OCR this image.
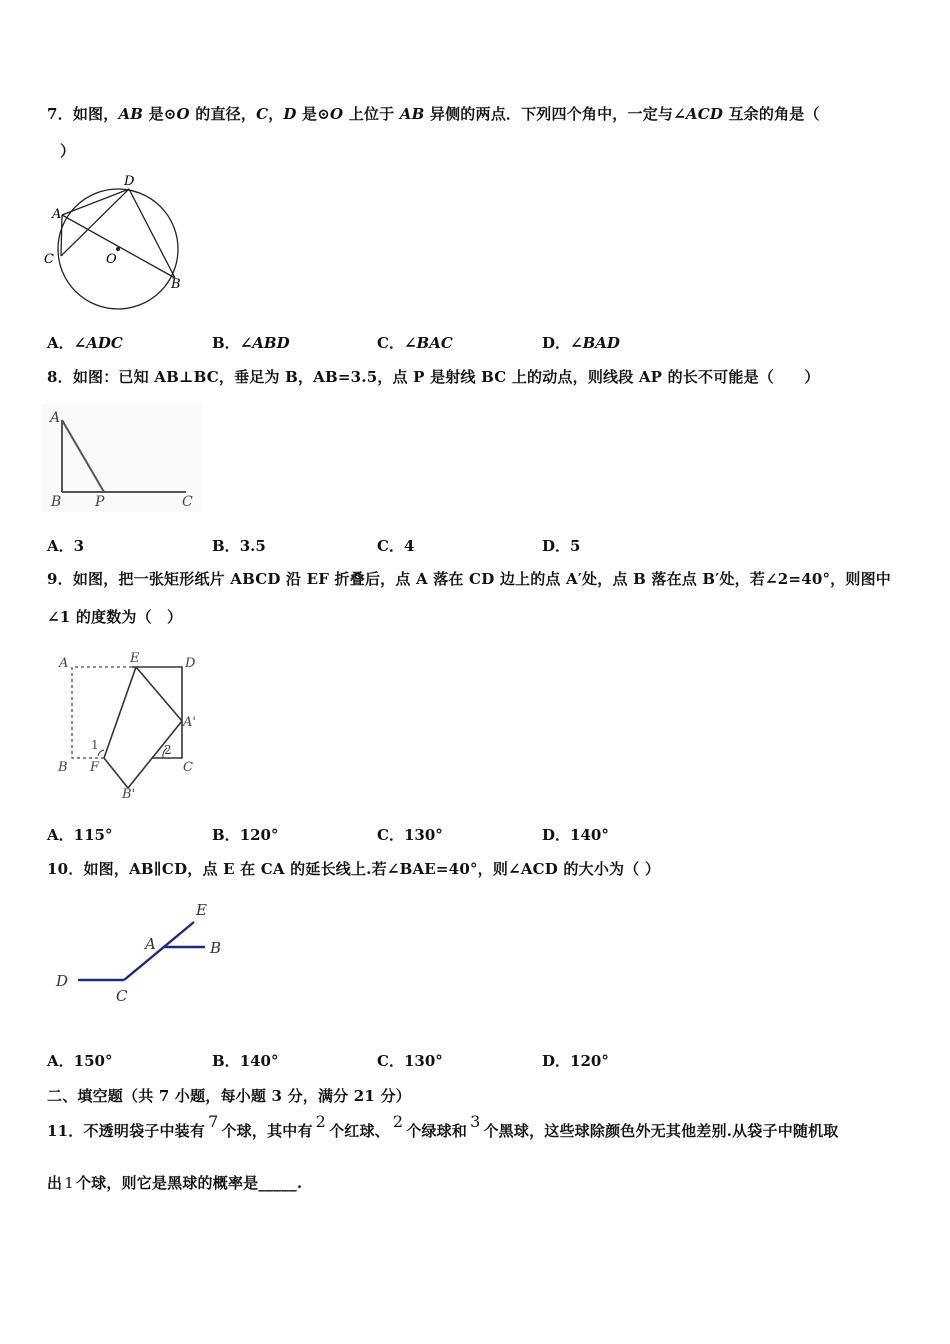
7．如图，AB 是⊙O 的直径，C，D 是⊙O 上位于 AB 异侧的两点．下列四个角中，一定与∠ACD 互余的角是（
）
D
A
C	O
B
A．∠ADC	B．∠ABD	C．∠BAC	D．∠BAD
8．如图：已知 AB⊥BC，垂足为 B，AB=3.5，点 P 是射线 BC 上的动点，则线段 AP 的长不可能是（　　）
A
B P	C
A．3	B．3.5	C．4	D．5
9．如图，把一张矩形纸片 ABCD 沿 EF 折叠后，点 A 落在 CD 边上的点 A′处，点 B 落在点 B′处，若∠2=40°，则图中
∠1 的度数为（　）
A	E	D
A'
1	2
B F	C
B'
A．115°	B．120°	C．130°	D．140°
10．如图，AB∥CD，点 E 在 CA 的延长线上.若∠BAE=40°，则∠ACD 的大小为（ ）
E
A	B
D
C
A．150°	B．140°	C．130°	D．120°
二、填空题（共 7 小题，每小题 3 分，满分 21 分）
11．不透明袋子中装有 7 个球，其中有 2 个红球、 2 个绿球和 3 个黑球，这些球除颜色外无其他差别.从袋子中随机取
出 1 个球，则它是黑球的概率是_____.
